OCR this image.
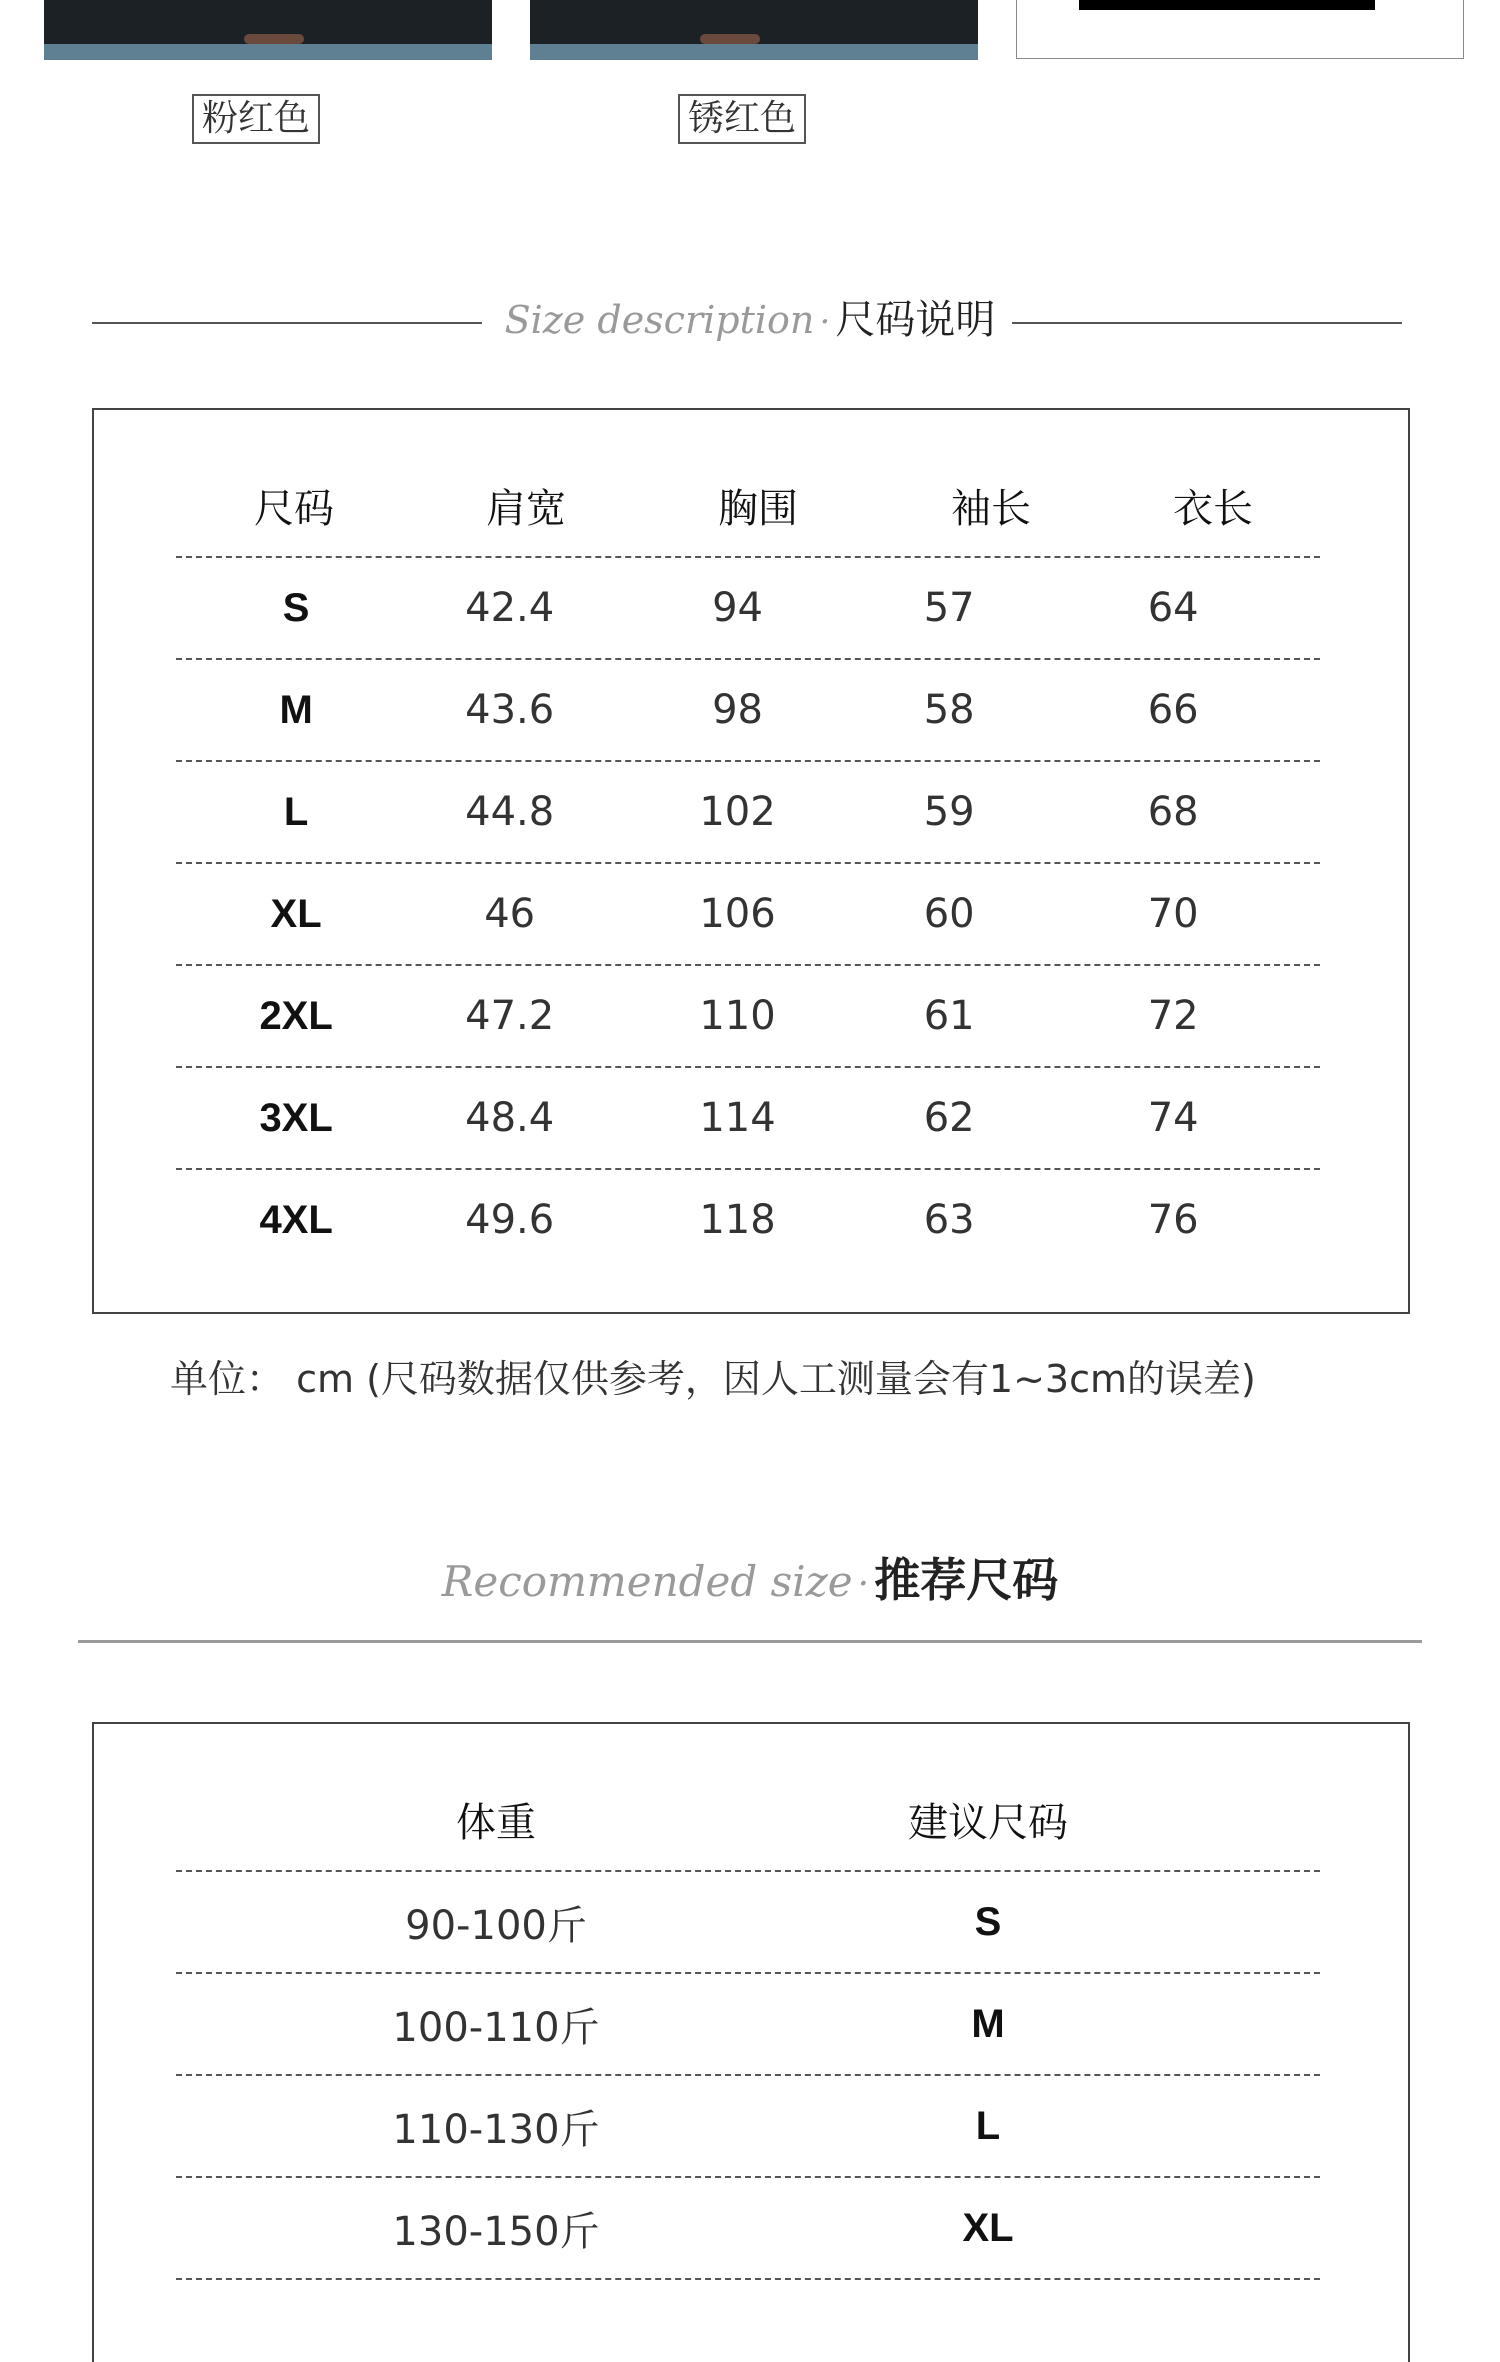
粉红色	锈红色
Size description · 尺码说明
尺码	肩宽	胸围	袖长	衣长
S	42.4	94	57	64
M	43.6	98	58	66
L	44.8	102	59	68
XL	46	106	60	70
2XL	47.2	110	61	72
3XL	48.4	114	62	74
4XL	49.6	118	63	76
单位： cm (尺码数据仅供参考，因人工测量会有1~3cm的误差)
Recommended size · 推荐尺码
体重	建议尺码
90-100斤	S
100-110斤	M
110-130斤	L
130-150斤	XL
